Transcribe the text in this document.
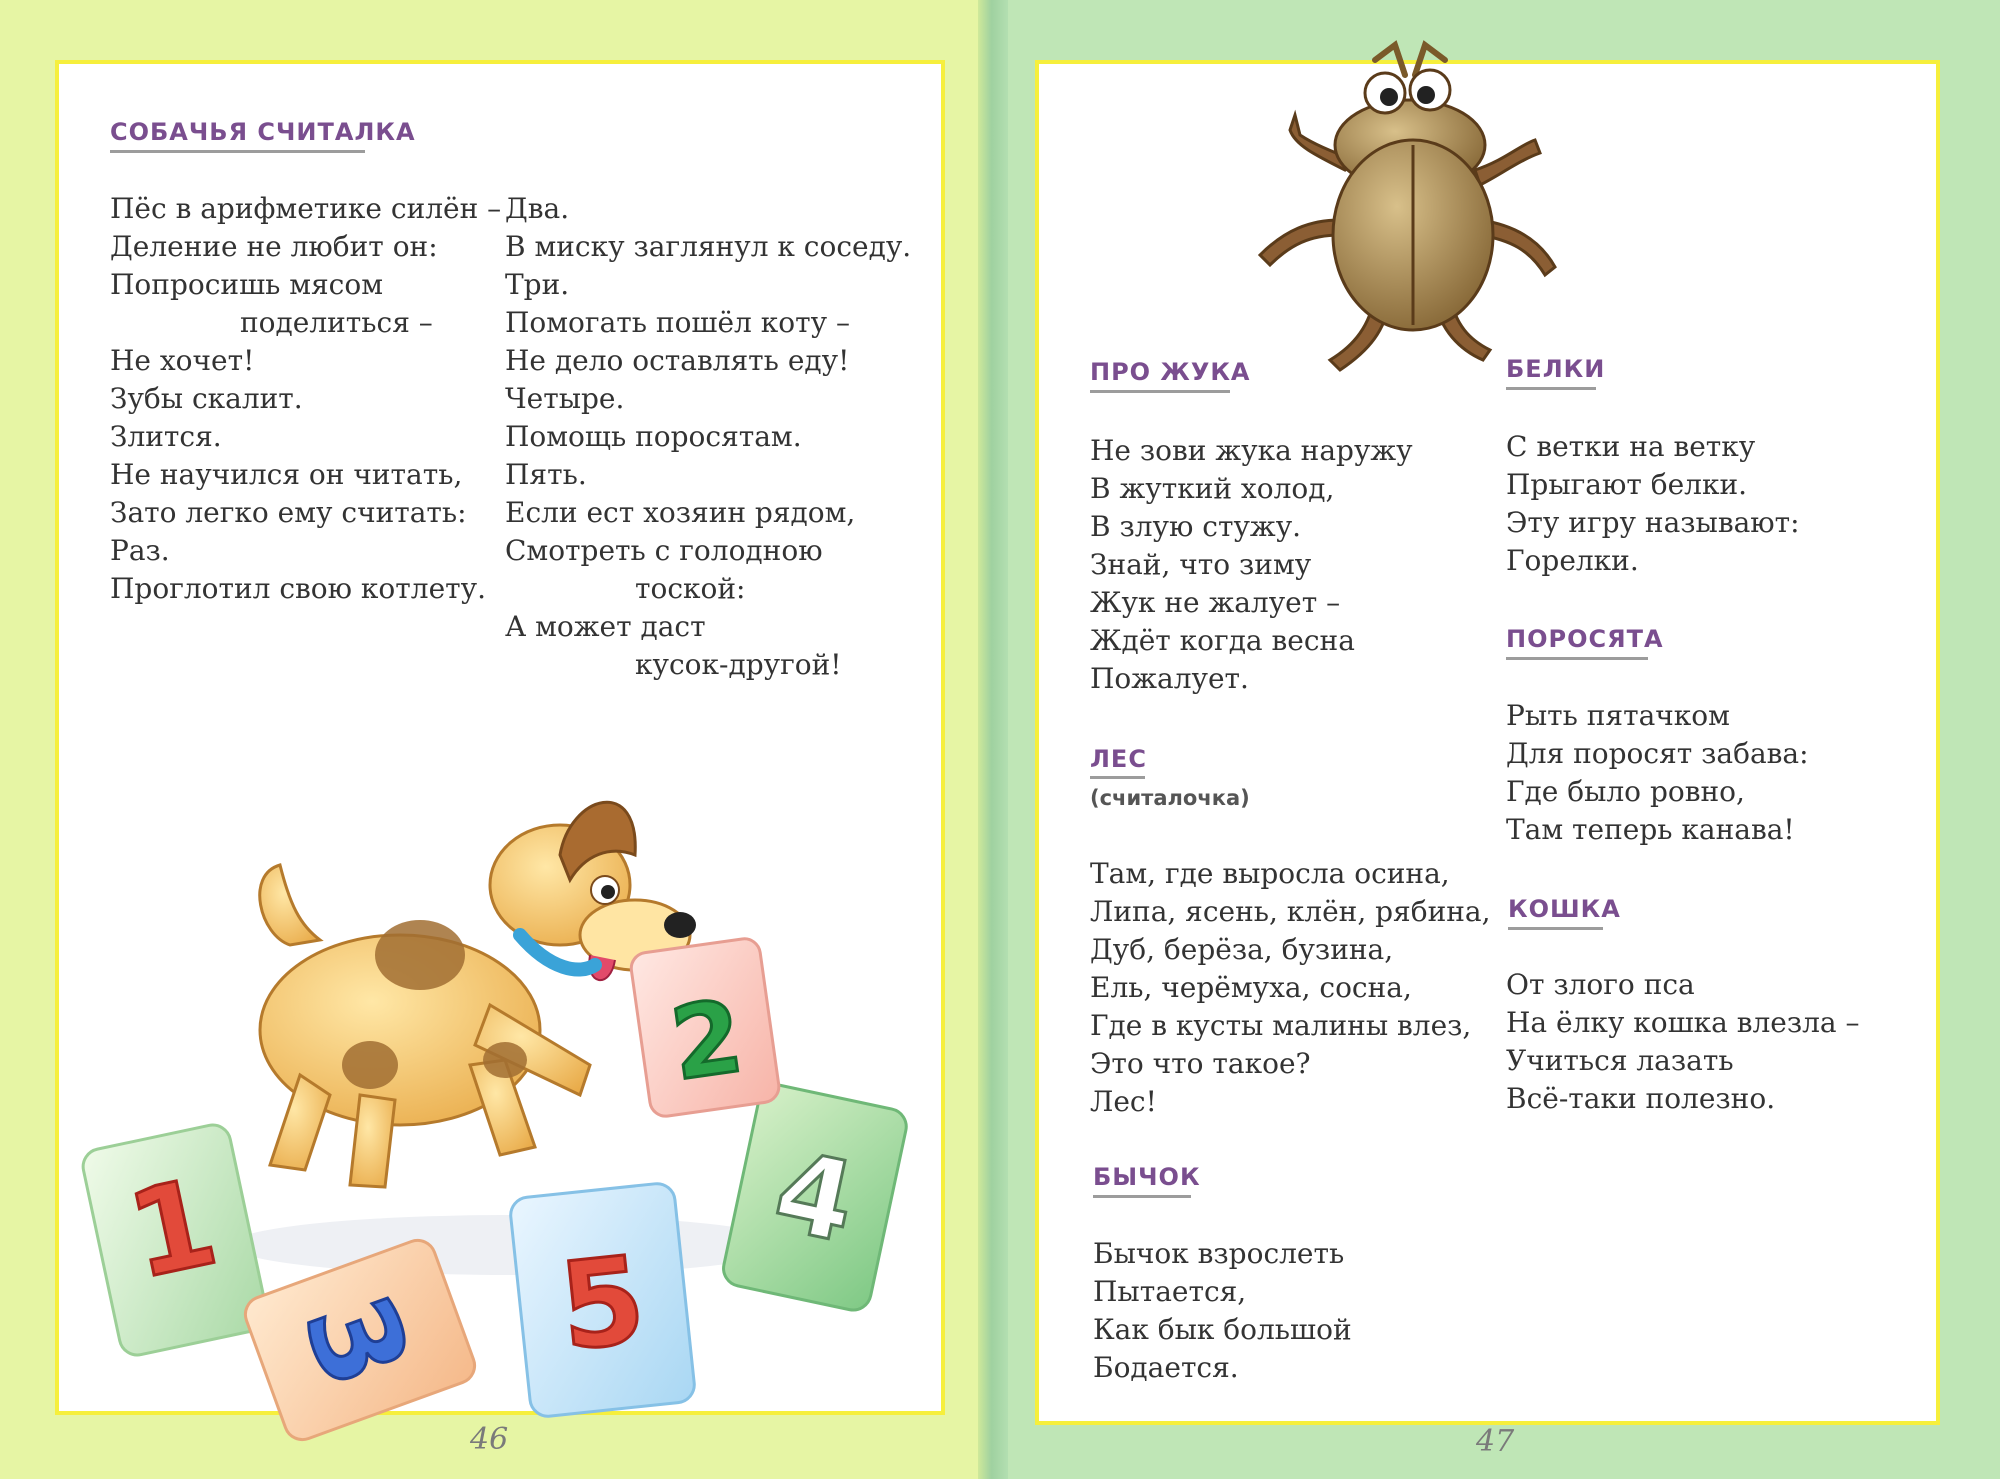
СОБАЧЬЯ СЧИТАЛКА
Пёс в арифметике силён –
Деление не любит он:
Попросишь мясом
поделиться –
Не хочет!
Зубы скалит.
Злится.
Не научился он читать,
Зато легко ему считать:
Раз.
Проглотил свою котлету.
Два.
В миску заглянул к соседу.
Три.
Помогать пошёл коту –
Не дело оставлять еду!
Четыре.
Помощь поросятам.
Пять.
Если ест хозяин рядом,
Смотреть с голодною
тоской:
А может даст
кусок-другой!
1
3 5
4
2
46
ПРО ЖУКА
Не зови жука наружу
В жуткий холод,
В злую стужу.
Знай, что зиму
Жук не жалует –
Ждёт когда весна
Пожалует.
ЛЕС
(считалочка)
Там, где выросла осина,
Липа, ясень, клён, рябина,
Дуб, берёза, бузина,
Ель, черёмуха, сосна,
Где в кусты малины влез,
Это что такое?
Лес!
БЫЧОК
Бычок взрослеть
Пытается,
Как бык большой
Бодается.
БЕЛКИ
С ветки на ветку
Прыгают белки.
Эту игру называют:
Горелки.
ПОРОСЯТА
Рыть пятачком
Для поросят забава:
Где было ровно,
Там теперь канава!
КОШКА
От злого пса
На ёлку кошка влезла –
Учиться лазать
Всё-таки полезно.
47
